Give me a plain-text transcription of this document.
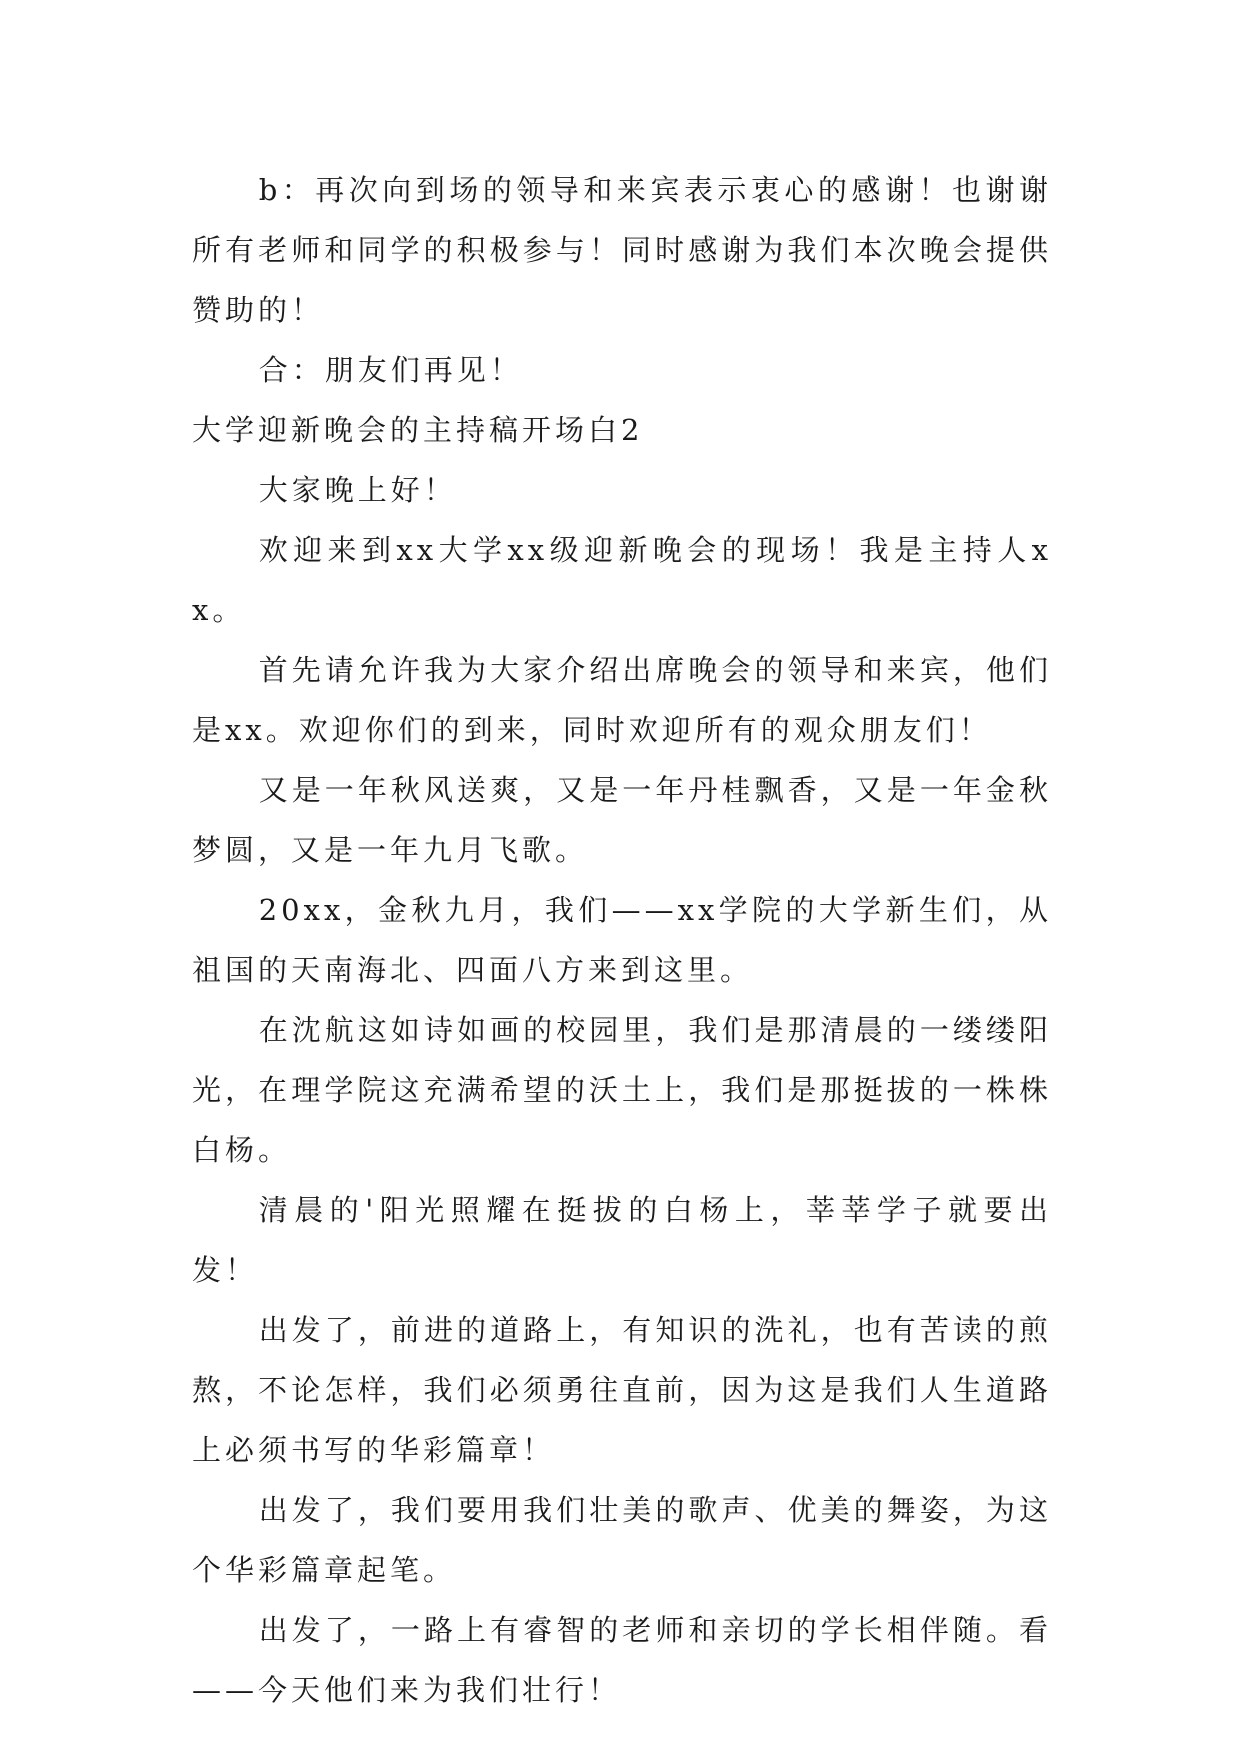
b：再次向到场的领导和来宾表示衷心的感谢！也谢谢所有老师和同学的积极参与！同时感谢为我们本次晚会提供赞助的！

合：朋友们再见！

大学迎新晚会的主持稿开场白2

大家晚上好！

欢迎来到xx大学xx级迎新晚会的现场！我是主持人xx。

首先请允许我为大家介绍出席晚会的领导和来宾，他们是xx。欢迎你们的到来，同时欢迎所有的观众朋友们！

又是一年秋风送爽，又是一年丹桂飘香，又是一年金秋梦圆，又是一年九月飞歌。

20xx，金秋九月，我们——xx学院的大学新生们，从祖国的天南海北、四面八方来到这里。

在沈航这如诗如画的校园里，我们是那清晨的一缕缕阳光，在理学院这充满希望的沃土上，我们是那挺拔的一株株白杨。

清晨的'阳光照耀在挺拔的白杨上，莘莘学子就要出发！

出发了，前进的道路上，有知识的洗礼，也有苦读的煎熬，不论怎样，我们必须勇往直前，因为这是我们人生道路上必须书写的华彩篇章！

出发了，我们要用我们壮美的歌声、优美的舞姿，为这个华彩篇章起笔。

出发了，一路上有睿智的老师和亲切的学长相伴随。看——今天他们来为我们壮行！
